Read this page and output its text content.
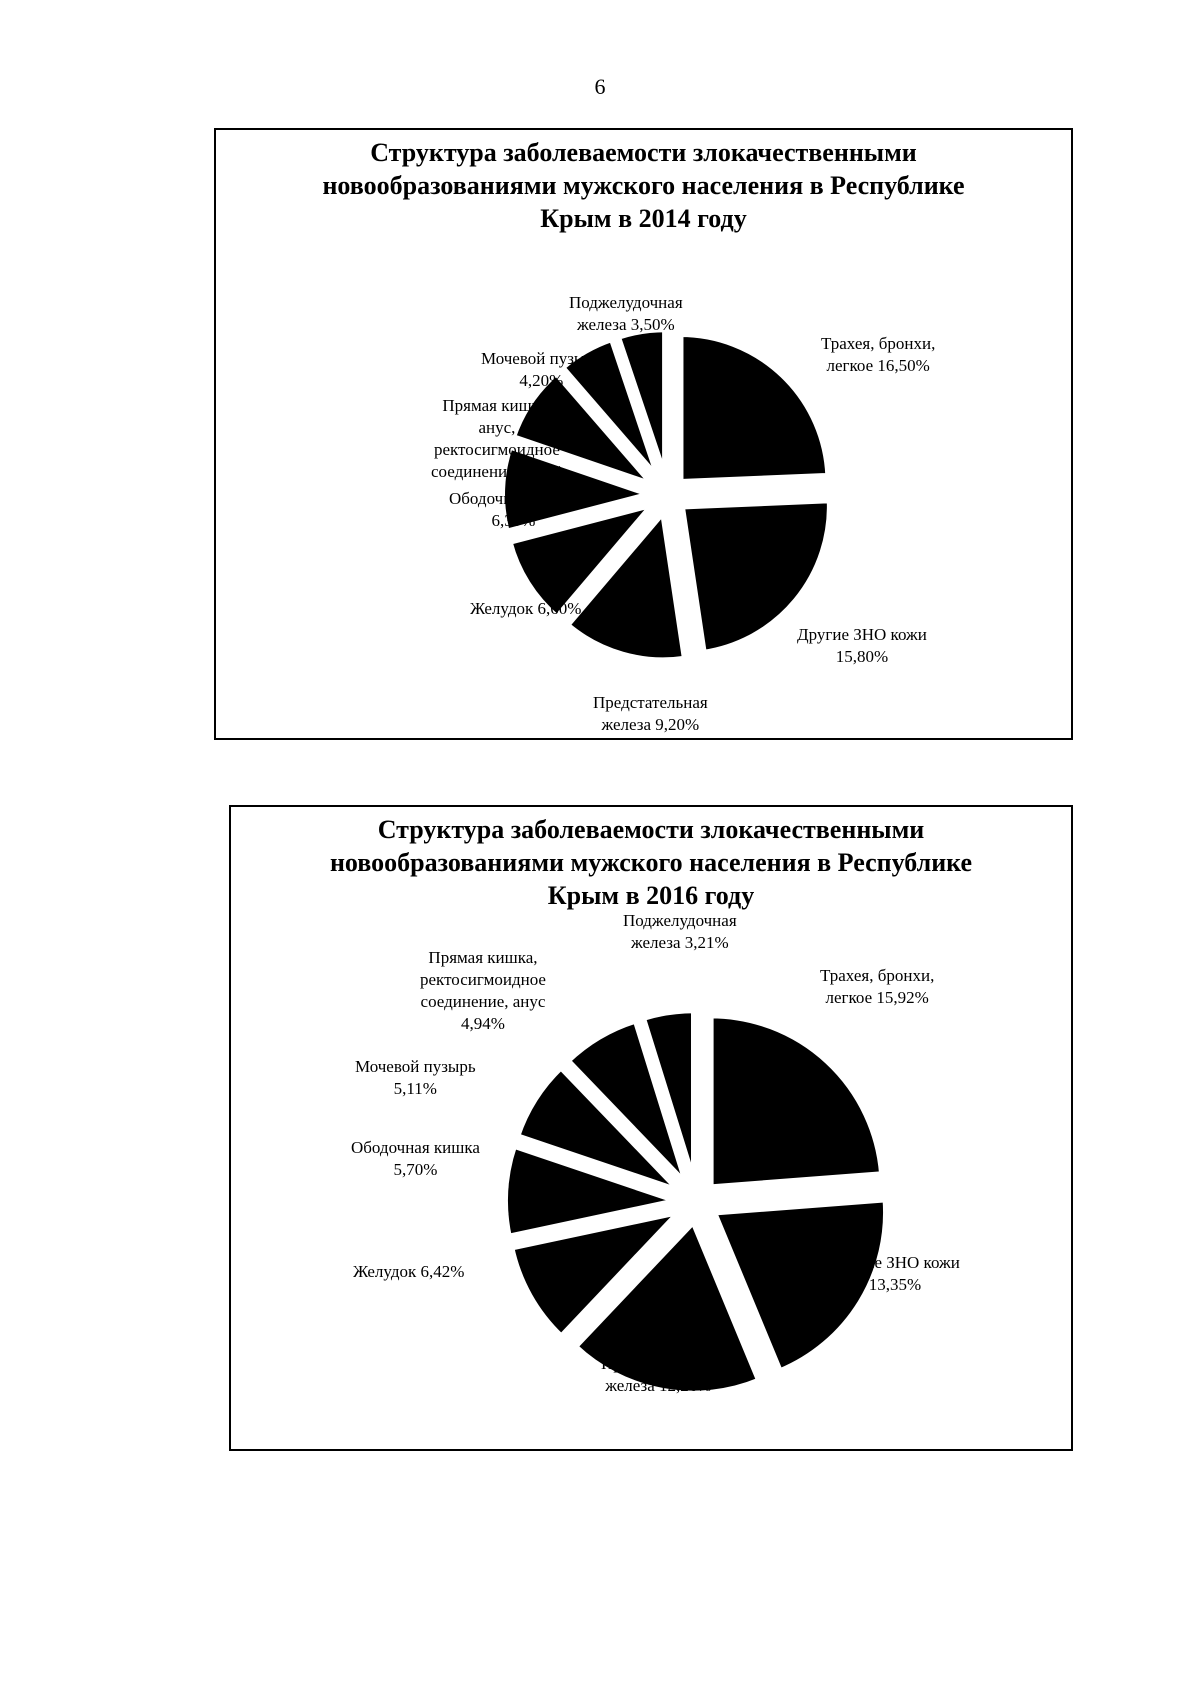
6
Структура заболеваемости злокачественными
новообразованиями мужского населения в Республике
Крым в 2014 году
Трахея, бронхи,
легкое 16,50%
Другие ЗНО кожи
15,80%
Предстательная
железа 9,20%
Желудок 6,60%
Ободочная кишка
6,30%
Прямая кишка,
анус,
ректосигмоидное
соединение 5,70%
Мочевой пузырь
4,20%
Поджелудочная
железа 3,50%
Структура заболеваемости злокачественными
новообразованиями мужского населения в Республике
Крым в 2016 году
Трахея, бронхи,
легкое 15,92%
Другие ЗНО кожи
13,35%
Предстательная
железа 12,26%
Желудок 6,42%
Ободочная кишка
5,70%
Мочевой пузырь
5,11%
Прямая кишка,
ректосигмоидное
соединение, анус
4,94%
Поджелудочная
железа 3,21%
